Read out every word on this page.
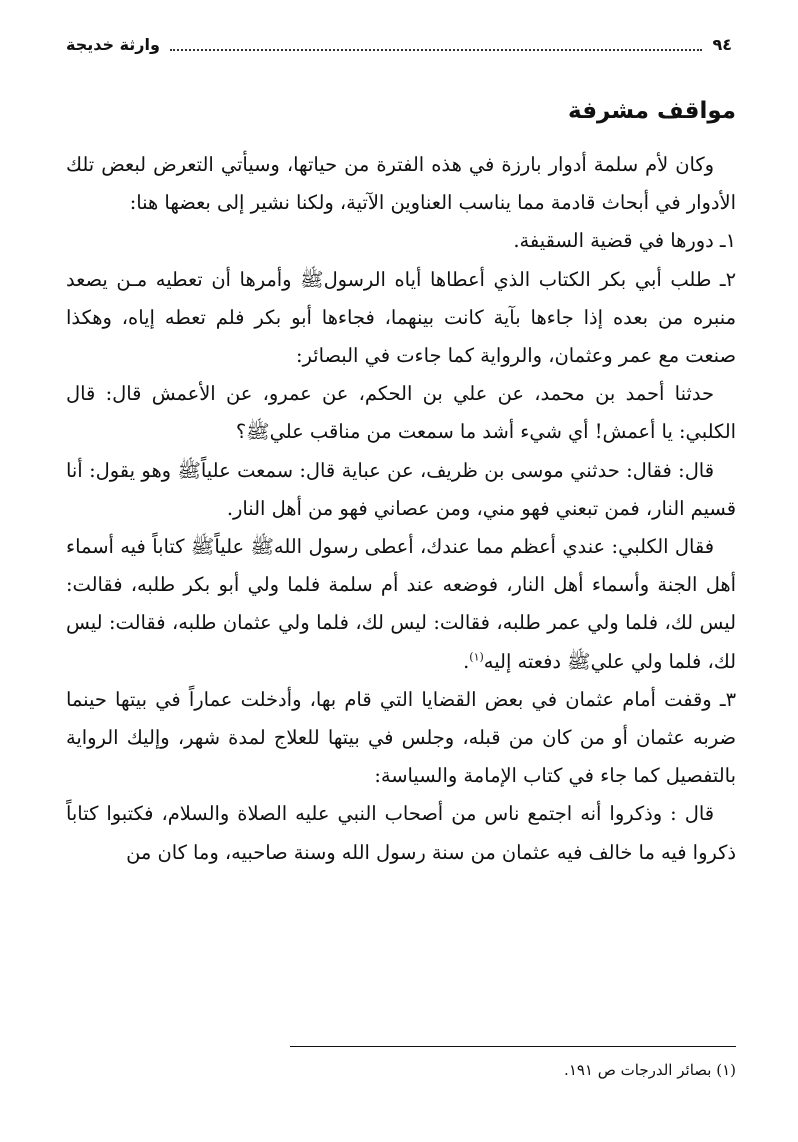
٩٤
وارثة خديجة
مواقف مشرفة

وكان لأم سلمة أدوار بارزة في هذه الفترة من حياتها، وسيأتي التعرض لبعض تلك الأدوار في أبحاث قادمة مما يناسب العناوين الآتية، ولكنا نشير إلى بعضها هنا:

١ـ دورها في قضية السقيفة.

٢ـ طلب أبي بكر الكتاب الذي أعطاها أياه الرسولﷺ وأمرها أن تعطيه مـن يصعد منبره من بعده إذا جاءها بآية كانت بينهما، فجاءها أبو بكر فلم تعطه إياه، وهكذا صنعت مع عمر وعثمان، والرواية كما جاءت في البصائر:

حدثنا أحمد بن محمد، عن علي بن الحكم، عن عمرو، عن الأعمش قال: قال الكلبي: يا أعمش! أي شيء أشد ما سمعت من مناقب عليﷺ؟

قال: فقال: حدثني موسى بن ظريف، عن عباية قال: سمعت علياًﷺ وهو يقول: أنا قسيم النار، فمن تبعني فهو مني، ومن عصاني فهو من أهل النار.

فقال الكلبي: عندي أعظم مما عندك، أعطى رسول اللهﷺ علياًﷺ كتاباً فيه أسماء أهل الجنة وأسماء أهل النار، فوضعه عند أم سلمة فلما ولي أبو بكر طلبه، فقالت: ليس لك، فلما ولي عمر طلبه، فقالت: ليس لك، فلما ولي عثمان طلبه، فقالت: ليس لك، فلما ولي عليﷺ دفعته إليه$^{(١)}$.

٣ـ وقفت أمام عثمان في بعض القضايا التي قام بها، وأدخلت عماراً في بيتها حينما ضربه عثمان أو من كان من قبله، وجلس في بيتها للعلاج لمدة شهر، وإليك الرواية بالتفصيل كما جاء في كتاب الإمامة والسياسة:

قال : وذكروا أنه اجتمع ناس من أصحاب النبي عليه الصلاة والسلام، فكتبوا كتاباً ذكروا فيه ما خالف فيه عثمان من سنة رسول الله وسنة صاحبيه، وما كان من

(١) بصائر الدرجات ص ١٩١.
